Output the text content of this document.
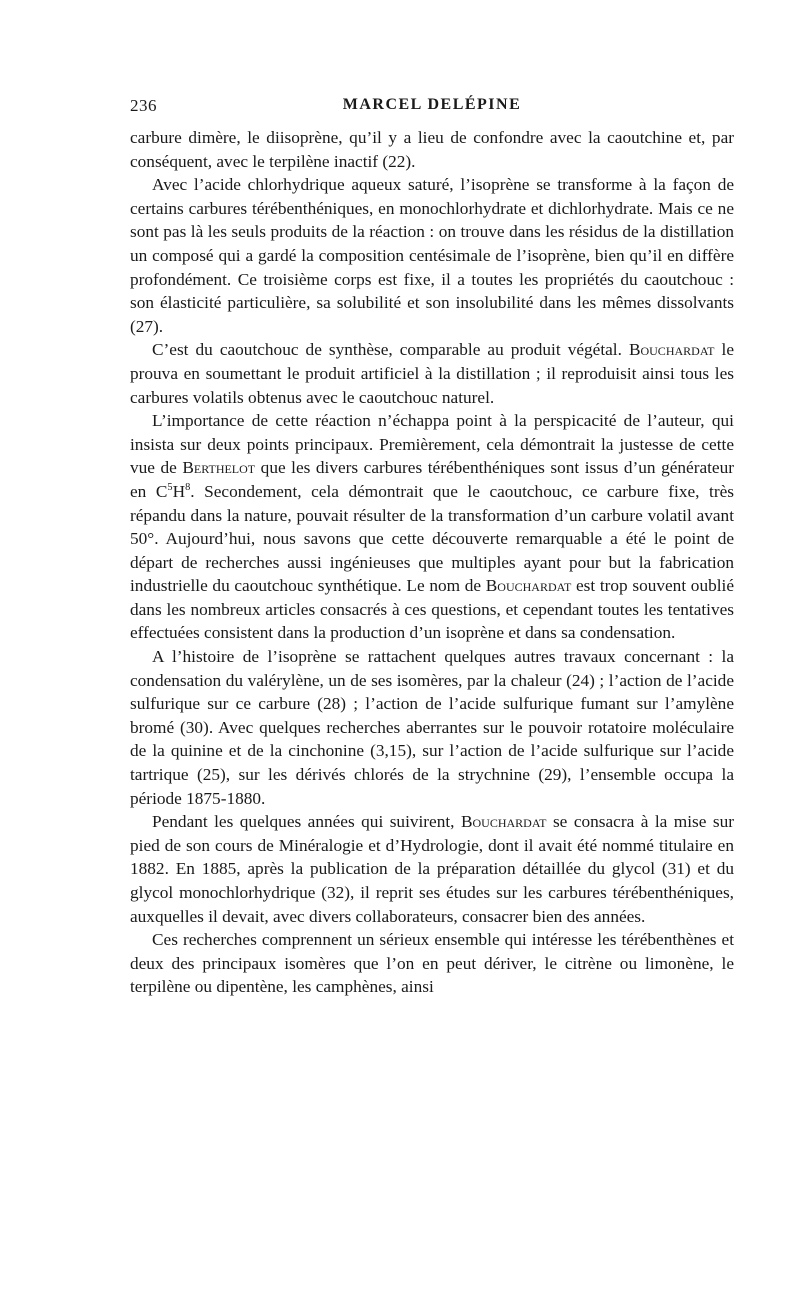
236	MARCEL DELÉPINE

carbure dimère, le diisoprène, qu’il y a lieu de confondre avec la caoutchine et, par conséquent, avec le terpilène inactif (22).

Avec l’acide chlorhydrique aqueux saturé, l’isoprène se transforme à la façon de certains carbures térébenthéniques, en monochlorhydrate et dichlorhydrate. Mais ce ne sont pas là les seuls produits de la réaction : on trouve dans les résidus de la distillation un composé qui a gardé la composition centésimale de l’isoprène, bien qu’il en diffère profondément. Ce troisième corps est fixe, il a toutes les propriétés du caoutchouc : son élasticité particulière, sa solubilité et son insolubilité dans les mêmes dissolvants (27).

C’est du caoutchouc de synthèse, comparable au produit végétal. Bouchardat le prouva en soumettant le produit artificiel à la distillation ; il reproduisit ainsi tous les carbures volatils obtenus avec le caoutchouc naturel.

L’importance de cette réaction n’échappa point à la perspicacité de l’auteur, qui insista sur deux points principaux. Premièrement, cela démontrait la justesse de cette vue de Berthelot que les divers carbures térébenthéniques sont issus d’un générateur en $C^5H^8$. Secondement, cela démontrait que le caoutchouc, ce carbure fixe, très répandu dans la nature, pouvait résulter de la transformation d’un carbure volatil avant 50°. Aujourd’hui, nous savons que cette découverte remarquable a été le point de départ de recherches aussi ingénieuses que multiples ayant pour but la fabrication industrielle du caoutchouc synthétique. Le nom de Bouchardat est trop souvent oublié dans les nombreux articles consacrés à ces questions, et cependant toutes les tentatives effectuées consistent dans la production d’un isoprène et dans sa condensation.

A l’histoire de l’isoprène se rattachent quelques autres travaux concernant : la condensation du valérylène, un de ses isomères, par la chaleur (24) ; l’action de l’acide sulfurique sur ce carbure (28) ; l’action de l’acide sulfurique fumant sur l’amylène bromé (30). Avec quelques recherches aberrantes sur le pouvoir rotatoire moléculaire de la quinine et de la cinchonine (3,15), sur l’action de l’acide sulfurique sur l’acide tartrique (25), sur les dérivés chlorés de la strychnine (29), l’ensemble occupa la période 1875-1880.

Pendant les quelques années qui suivirent, Bouchardat se consacra à la mise sur pied de son cours de Minéralogie et d’Hydrologie, dont il avait été nommé titulaire en 1882. En 1885, après la publication de la préparation détaillée du glycol (31) et du glycol monochlorhydrique (32), il reprit ses études sur les carbures térébenthéniques, auxquelles il devait, avec divers collaborateurs, consacrer bien des années.

Ces recherches comprennent un sérieux ensemble qui intéresse les térébenthènes et deux des principaux isomères que l’on en peut dériver, le citrène ou limonène, le terpilène ou dipentène, les camphènes, ainsi
